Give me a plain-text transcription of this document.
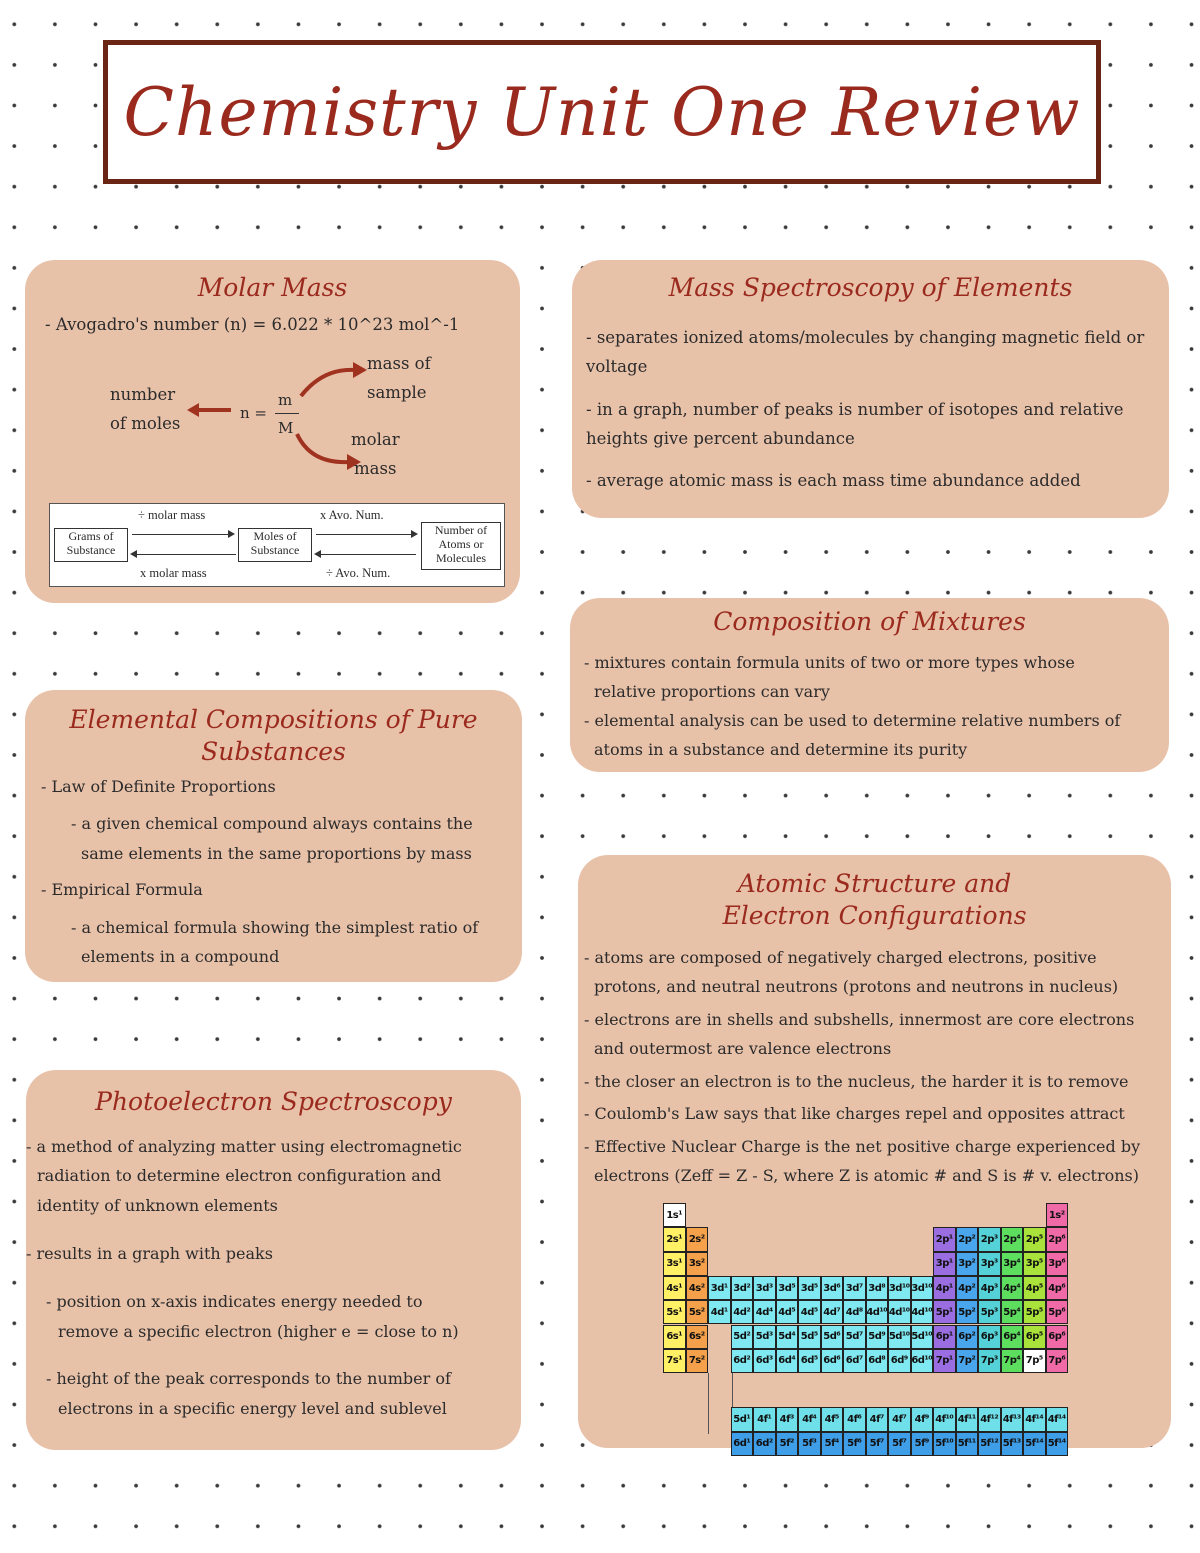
Chemistry Unit One Review
Molar Mass
- Avogadro's number (n) = 6.022 * 10^23 mol^-1
number
of moles
n =
m
M
mass of
sample
molar
mass
Grams of
Substance
Moles of
Substance
Number of
Atoms or
Molecules
÷ molar mass
x molar mass
x Avo. Num.
÷ Avo. Num.
Mass Spectroscopy of Elements
- separates ionized atoms/molecules by changing magnetic field or voltage
- in a graph, number of peaks is number of isotopes and relative heights give percent abundance
- average atomic mass is each mass time abundance added
Composition of Mixtures
- mixtures contain formula units of two or more types whose
relative proportions can vary
- elemental analysis can be used to determine relative numbers of
atoms in a substance and determine its purity
Elemental Compositions of Pure
Substances
- Law of Definite Proportions
- a given chemical compound always contains the
same elements in the same proportions by mass
- Empirical Formula
- a chemical formula showing the simplest ratio of
elements in a compound
Atomic Structure and
Electron Configurations
- atoms are composed of negatively charged electrons, positive
protons, and neutral neutrons (protons and neutrons in nucleus)
- electrons are in shells and subshells, innermost are core electrons
and outermost are valence electrons
- the closer an electron is to the nucleus, the harder it is to remove
- Coulomb's Law says that like charges repel and opposites attract
- Effective Nuclear Charge is the net positive charge experienced by
electrons (Zeff = Z - S, where Z is atomic # and S is # v. electrons)
1s¹
2s¹ 2s²
3s¹ 3s²
4s¹ 4s²
5s¹ 5s²
6s¹ 6s²
7s¹ 7s²
1s²
3d¹ 3d² 3d³ 3d⁵ 3d⁵ 3d⁶ 3d⁷ 3d⁸ 3d¹⁰ 3d¹⁰
4d¹ 4d² 4d⁴ 4d⁵ 4d⁵ 4d⁷ 4d⁸ 4d¹⁰ 4d¹⁰ 4d¹⁰
5d² 5d³ 5d⁴ 5d⁵ 5d⁶ 5d⁷ 5d⁹ 5d¹⁰ 5d¹⁰
6d² 6d³ 6d⁴ 6d⁵ 6d⁶ 6d⁷ 6d⁸ 6d⁹ 6d¹⁰
2p¹ 2p² 2p³ 2p⁴ 2p⁵ 2p⁶
3p¹ 3p² 3p³ 3p⁴ 3p⁵ 3p⁶
4p¹ 4p² 4p³ 4p⁴ 4p⁵ 4p⁶
5p¹ 5p² 5p³ 5p⁴ 5p⁵ 5p⁶
6p¹ 6p² 6p³ 6p⁴ 6p⁵ 6p⁶
7p¹ 7p² 7p³ 7p⁴ 7p⁵ 7p⁶
5d¹ 4f¹ 4f³ 4f⁴ 4f⁵ 4f⁶ 4f⁷ 4f⁷ 4f⁹ 4f¹⁰ 4f¹¹ 4f¹² 4f¹³ 4f¹⁴ 4f¹⁴
6d¹ 6d² 5f² 5f³ 5f⁴ 5f⁶ 5f⁷ 5f⁷ 5f⁹ 5f¹⁰ 5f¹¹ 5f¹² 5f¹³ 5f¹⁴ 5f¹⁴
Photoelectron Spectroscopy
- a method of analyzing matter using electromagnetic
radiation to determine electron configuration and
identity of unknown elements
- results in a graph with peaks
- position on x-axis indicates energy needed to
remove a specific electron (higher e = close to n)
- height of the peak corresponds to the number of
electrons in a specific energy level and sublevel
